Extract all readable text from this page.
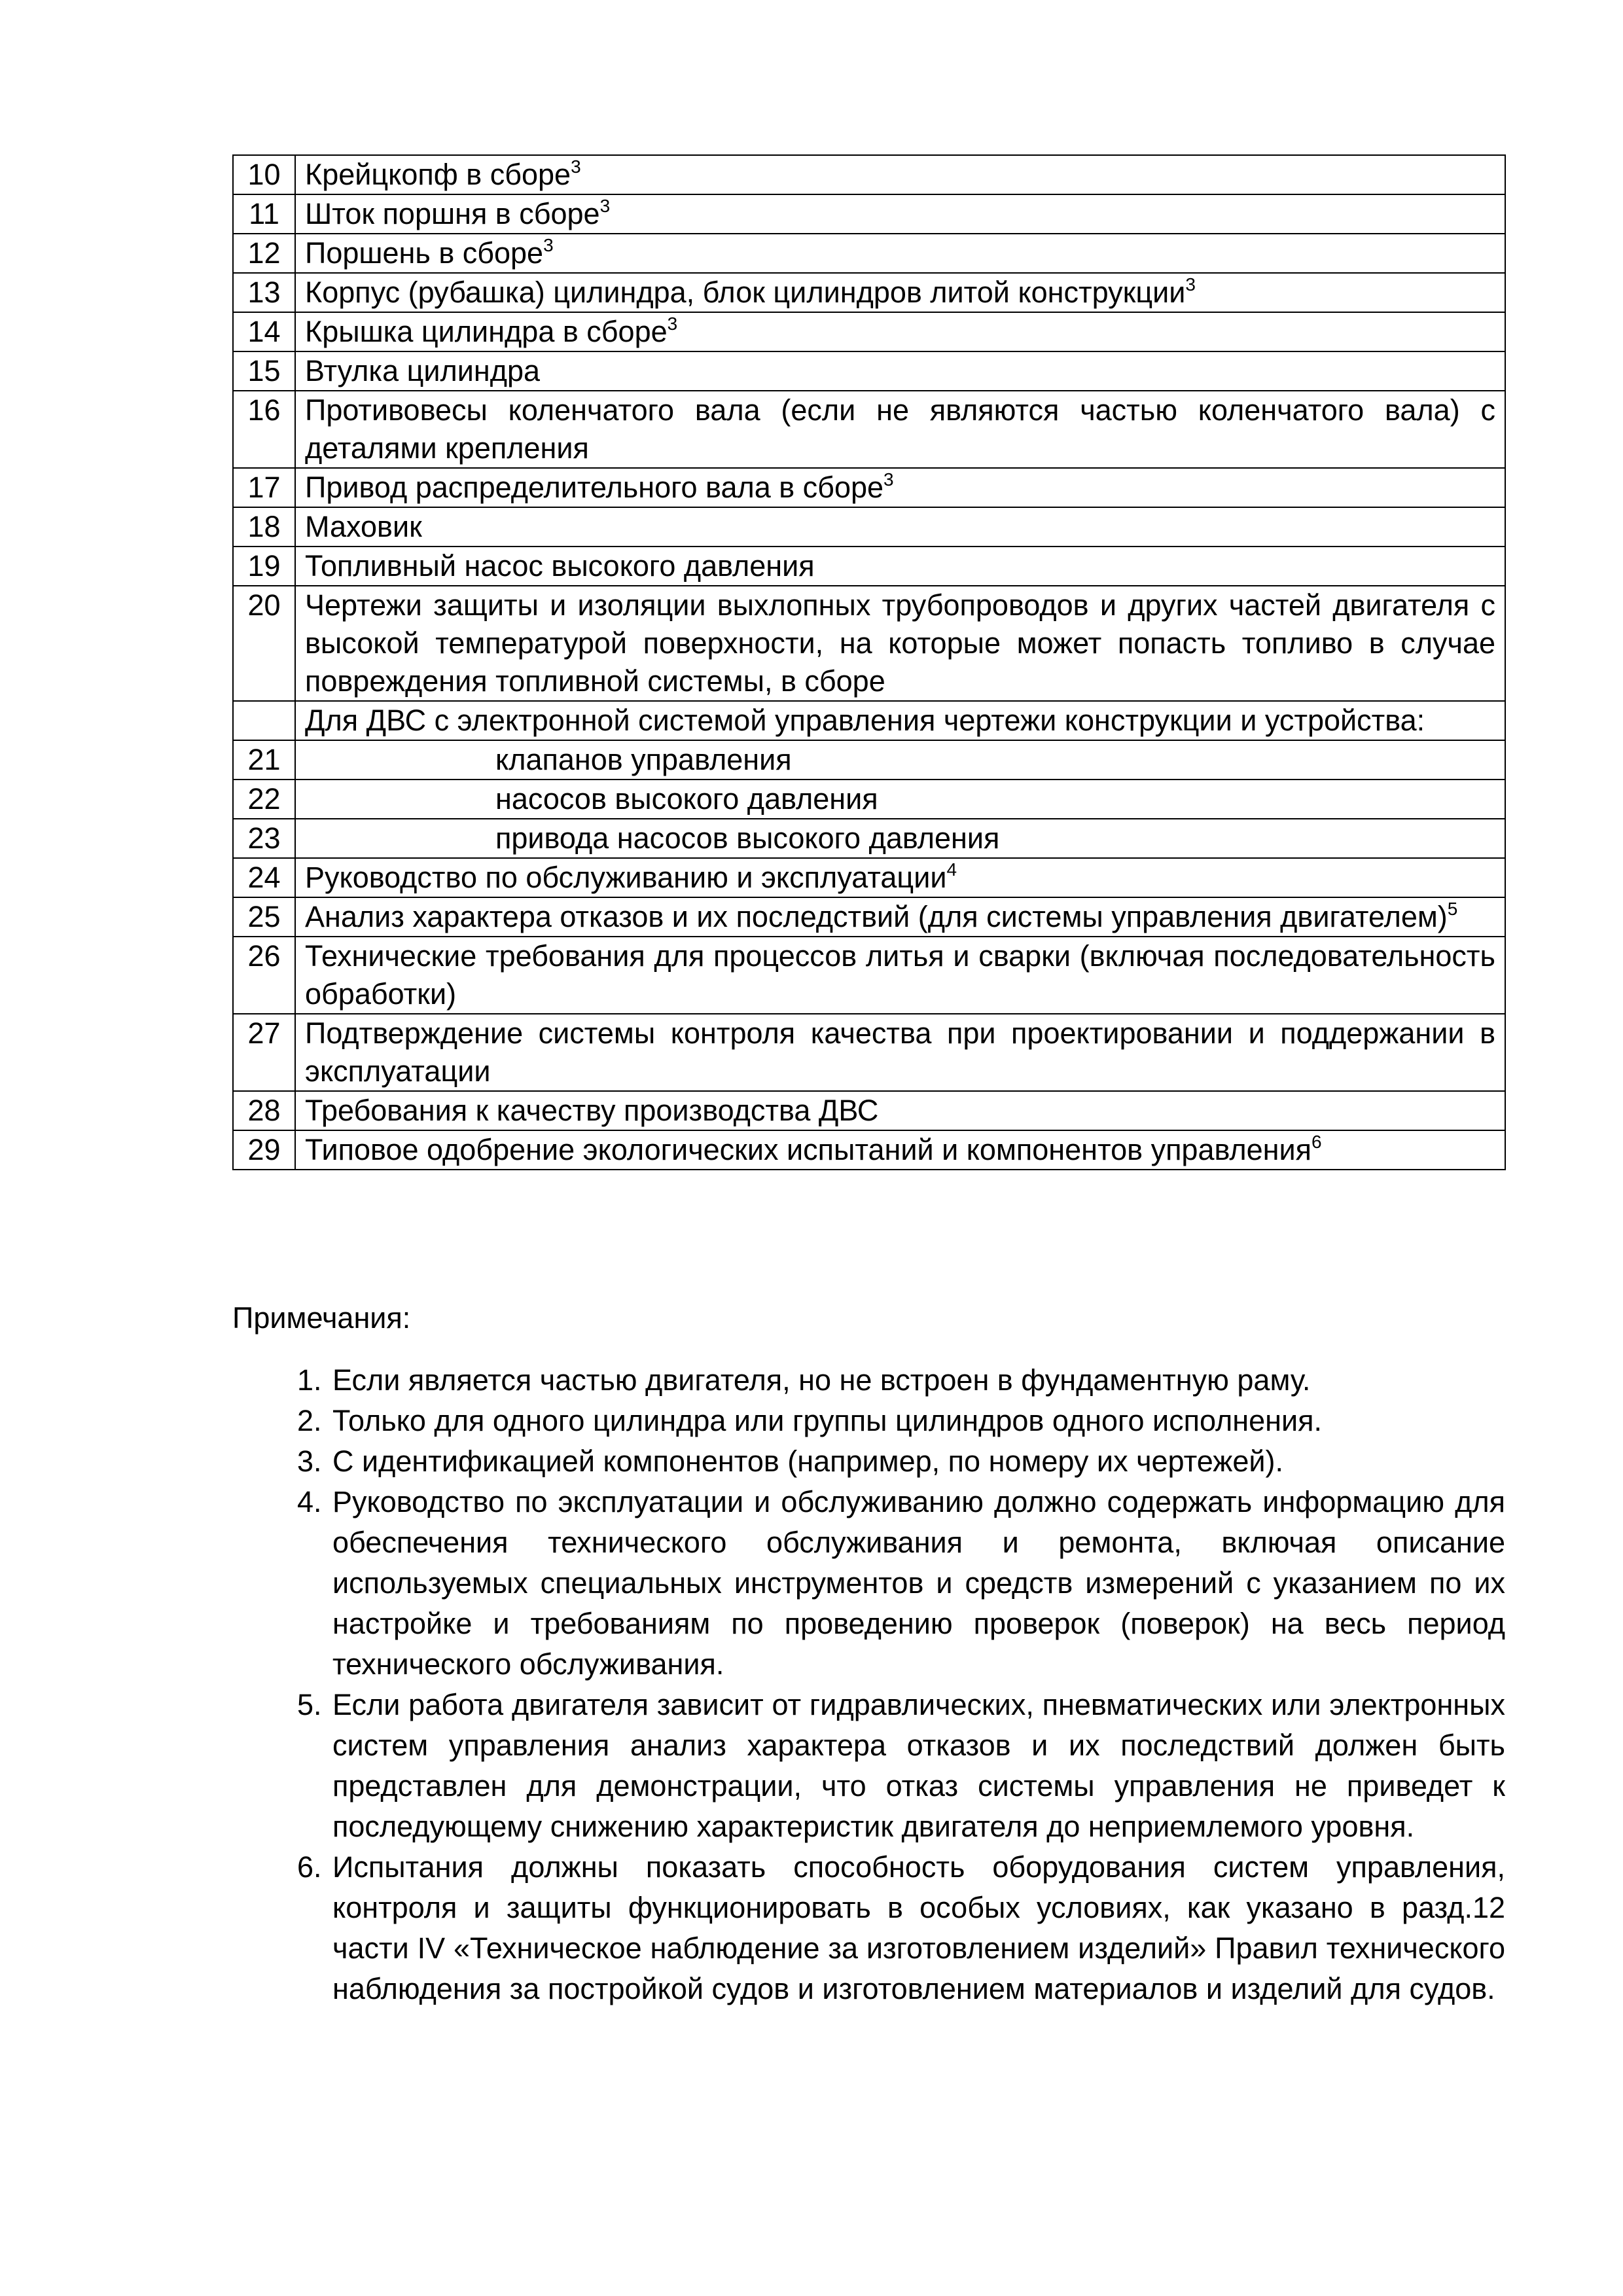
10	Крейцкопф в сборе$^3$
11	Шток поршня в сборе$^3$
12	Поршень в сборе$^3$
13	Корпус (рубашка) цилиндра, блок цилиндров литой конструкции$^3$
14	Крышка цилиндра в сборе$^3$
15	Втулка цилиндра
16	Противовесы коленчатого вала (если не являются частью коленчатого вала) с деталями крепления
17	Привод распределительного вала в сборе$^3$
18	Маховик
19	Топливный насос высокого давления
20	Чертежи защиты и изоляции выхлопных трубопроводов и других частей двигателя с высокой температурой поверхности, на которые может попасть топливо в случае повреждения топливной системы, в сборе
	Для ДВС с электронной системой управления чертежи конструкции и устройства:
21	клапанов управления
22	насосов высокого давления
23	привода насосов высокого давления
24	Руководство по обслуживанию и эксплуатации$^4$
25	Анализ характера отказов и их последствий (для системы управления двигателем)$^5$
26	Технические требования для процессов литья и сварки (включая последовательность обработки)
27	Подтверждение системы контроля качества при проектировании и поддержании в эксплуатации
28	Требования к качеству производства ДВС
29	Типовое одобрение экологических испытаний и компонентов управления$^6$
Примечания:
1. Если является частью двигателя, но не встроен в фундаментную раму.
2. Только для одного цилиндра или группы цилиндров одного исполнения.
3. С идентификацией компонентов (например, по номеру их чертежей).
4. Руководство по эксплуатации и обслуживанию должно содержать информацию для обеспечения технического обслуживания и ремонта, включая описание используемых специальных инструментов и средств измерений с указанием по их настройке и требованиям по проведению проверок (поверок) на весь период технического обслуживания.
5. Если работа двигателя зависит от гидравлических, пневматических или электронных систем управления анализ характера отказов и их последствий должен быть представлен для демонстрации, что отказ системы управления не приведет к последующему снижению характеристик двигателя до неприемлемого уровня.
6. Испытания должны показать способность оборудования систем управления, контроля и защиты функционировать в особых условиях, как указано в разд.12 части IV «Техническое наблюдение за изготовлением изделий» Правил технического наблюдения за постройкой судов и изготовлением материалов и изделий для судов.
